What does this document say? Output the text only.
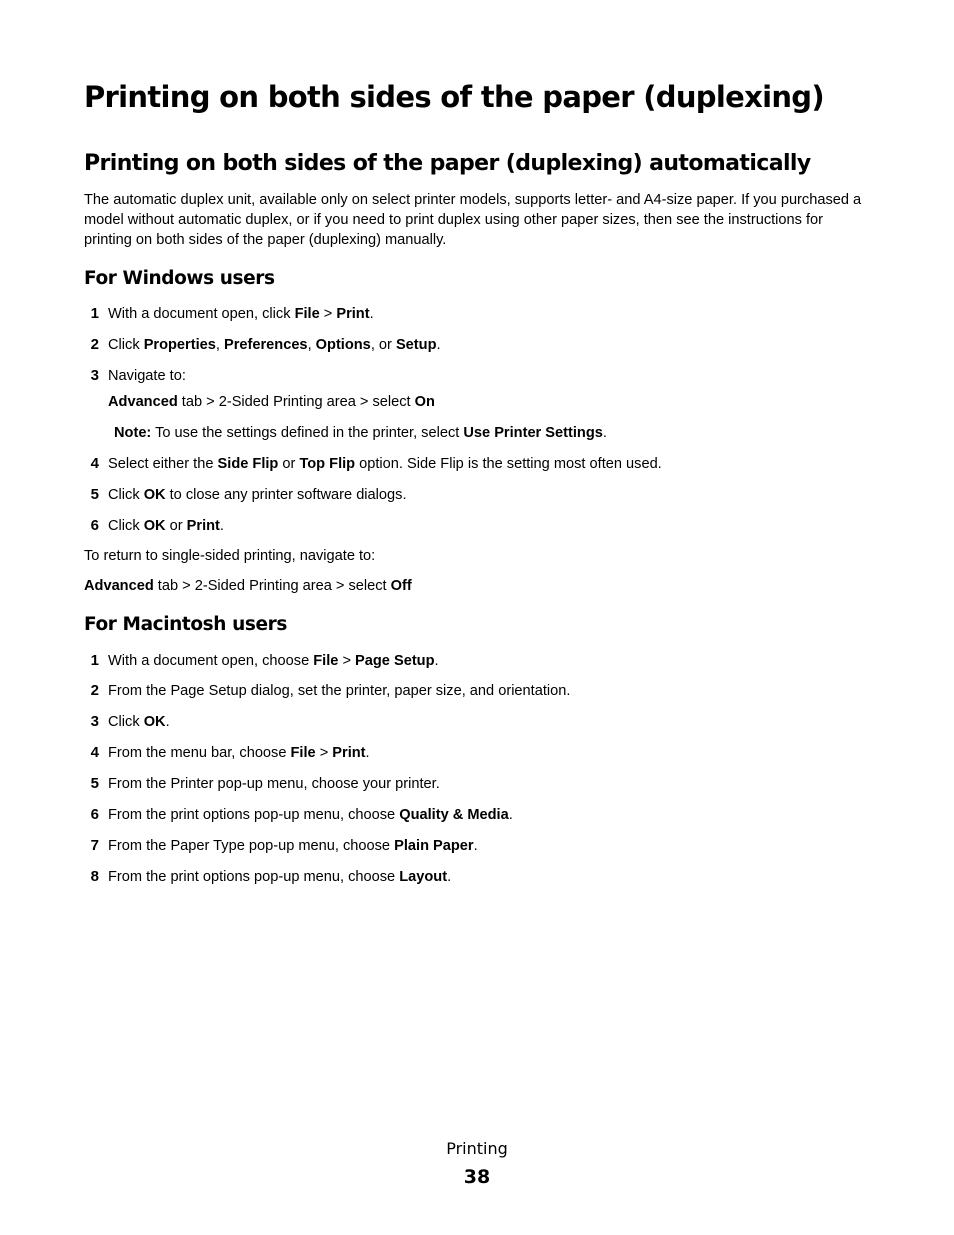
Printing on both sides of the paper (duplexing)
Printing on both sides of the paper (duplexing) automatically

The automatic duplex unit, available only on select printer models, supports letter- and A4-size paper. If you purchased a model without automatic duplex, or if you need to print duplex using other paper sizes, then see the instructions for printing on both sides of the paper (duplexing) manually.

For Windows users
1 With a document open, click File > Print.
2 Click Properties, Preferences, Options, or Setup.
3 Navigate to:
Advanced tab > 2-Sided Printing area > select On
Note: To use the settings defined in the printer, select Use Printer Settings.
4 Select either the Side Flip or Top Flip option. Side Flip is the setting most often used.
5 Click OK to close any printer software dialogs.
6 Click OK or Print.
To return to single-sided printing, navigate to:
Advanced tab > 2-Sided Printing area > select Off
For Macintosh users
1 With a document open, choose File > Page Setup.
2 From the Page Setup dialog, set the printer, paper size, and orientation.
3 Click OK.
4 From the menu bar, choose File > Print.
5 From the Printer pop-up menu, choose your printer.
6 From the print options pop-up menu, choose Quality & Media.
7 From the Paper Type pop-up menu, choose Plain Paper.
8 From the print options pop-up menu, choose Layout.
Printing
38
